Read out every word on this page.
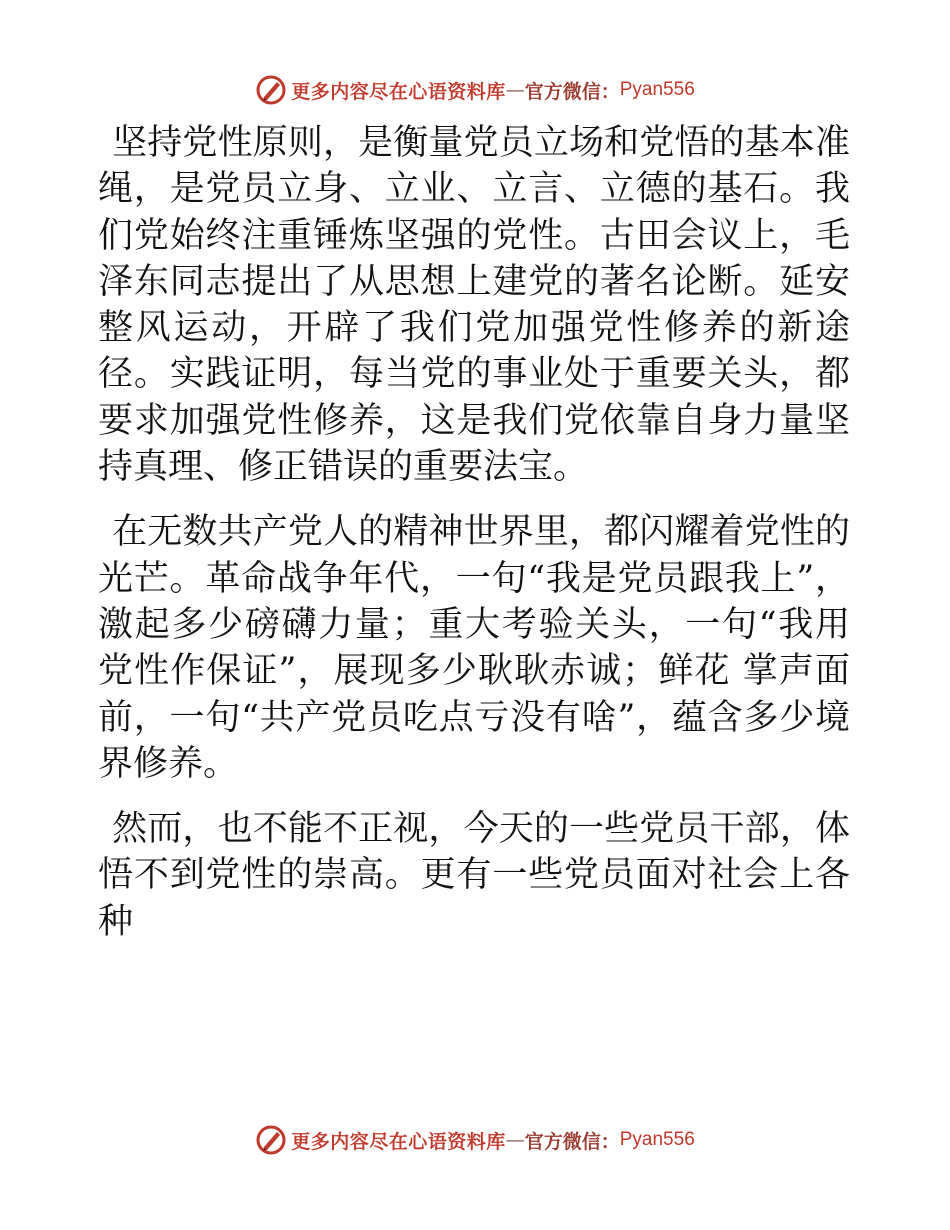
更多内容尽在心语资料库 — 官方微信： Pyan556

坚持党性原则，是衡量党员立场和党悟的基本准绳，是党员立身、立业、立言、立德的基石。我们党始终注重锤炼坚强的党性。古田会议上，毛泽东同志提出了从思想上建党的著名论断。延安整风运动，开辟了我们党加强党性修养的新途径。实践证明，每当党的事业处于重要关头，都要求加强党性修养，这是我们党依靠自身力量坚持真理、修正错误的重要法宝。

在无数共产党人的精神世界里，都闪耀着党性的光芒。革命战争年代，一句“我是党员跟我上”，激起多少磅礴力量；重大考验关头，一句“我用党性作保证”，展现多少耿耿赤诚；鲜花 掌声面前，一句“共产党员吃点亏没有啥”，蕴含多少境界修养。

然而，也不能不正视，今天的一些党员干部，体悟不到党性的崇高。更有一些党员面对社会上各种

更多内容尽在心语资料库 — 官方微信： Pyan556
